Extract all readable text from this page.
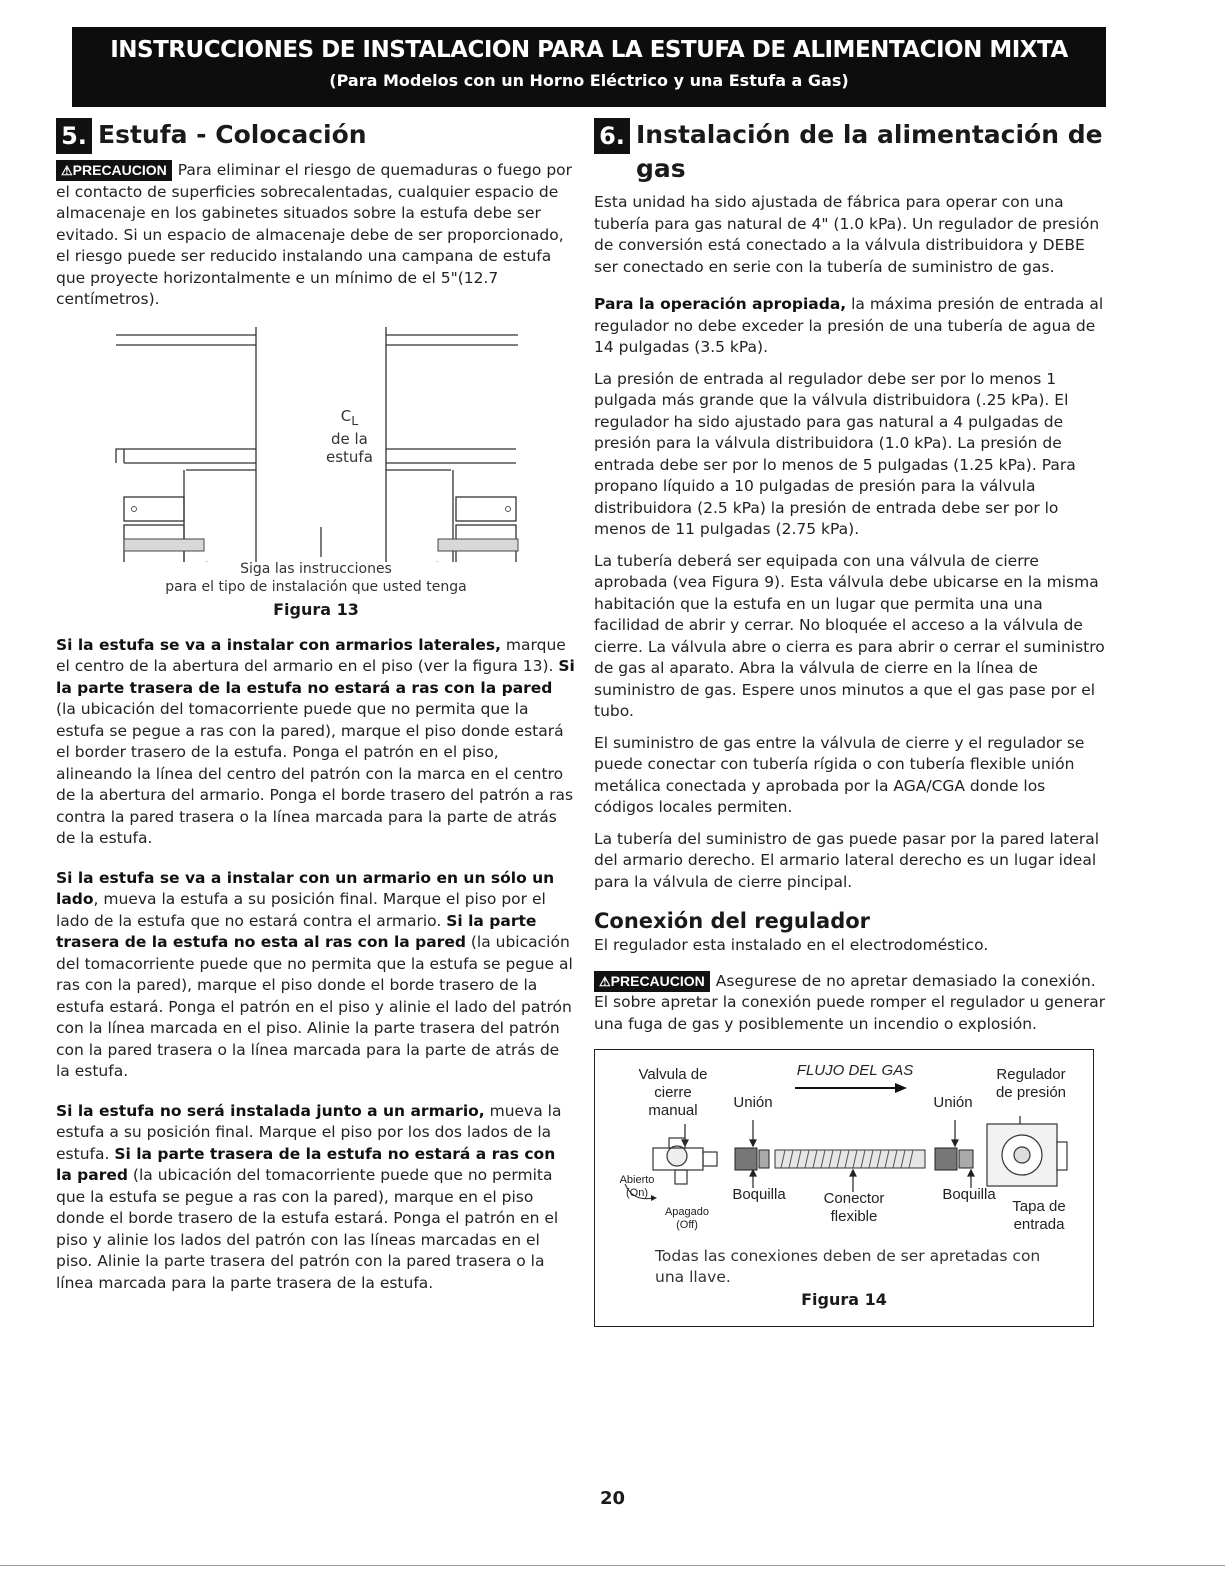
INSTRUCCIONES DE INSTALACION PARA LA ESTUFA DE ALIMENTACION MIXTA
(Para Modelos con un Horno Eléctrico y una Estufa a Gas)
5. Estufa - Colocación

⚠PRECAUCION Para eliminar el riesgo de quemaduras o fuego por el contacto de superficies sobrecalentadas, cualquier espacio de almacenaje en los gabinetes situados sobre la estufa debe ser evitado. Si un espacio de almacenaje debe de ser proporcionado, el riesgo puede ser reducido instalando una campana de estufa que proyecte horizontalmente e un mínimo de el 5"(12.7 centímetros).

$C_L$
de la
estufa
Siga las instrucciones
para el tipo de instalación que usted tenga
Figura 13

Si la estufa se va a instalar con armarios laterales, marque el centro de la abertura del armario en el piso (ver la figura 13). Si la parte trasera de la estufa no estará a ras con la pared (la ubicación del tomacorriente puede que no permita que la estufa se pegue a ras con la pared), marque el piso donde estará el border trasero de la estufa. Ponga el patrón en el piso, alineando la línea del centro del patrón con la marca en el centro de la abertura del armario. Ponga el borde trasero del patrón a ras contra la pared trasera o la línea marcada para la parte de atrás de la estufa.

Si la estufa se va a instalar con un armario en un sólo un lado, mueva la estufa a su posición final. Marque el piso por el lado de la estufa que no estará contra el armario. Si la parte trasera de la estufa no esta al ras con la pared (la ubicación del tomacorriente puede que no permita que la estufa se pegue al ras con la pared), marque el piso donde el borde trasero de la estufa estará. Ponga el patrón en el piso y alinie el lado del patrón con la línea marcada en el piso. Alinie la parte trasera del patrón con la pared trasera o la línea marcada para la parte de atrás de la estufa.

Si la estufa no será instalada junto a un armario, mueva la estufa a su posición final. Marque el piso por los dos lados de la estufa. Si la parte trasera de la estufa no estará a ras con la pared (la ubicación del tomacorriente puede que no permita que la estufa se pegue a ras con la pared), marque en el piso donde el borde trasero de la estufa estará. Ponga el patrón en el piso y alinie los lados del patrón con las líneas marcadas en el piso. Alinie la parte trasera del patrón con la pared trasera o la línea marcada para la parte trasera de la estufa.

6. Instalación de la alimentación de gas

Esta unidad ha sido ajustada de fábrica para operar con una tubería para gas natural de 4" (1.0 kPa). Un regulador de presión de conversión está conectado a la válvula distribuidora y DEBE ser conectado en serie con la tubería de suministro de gas.

Para la operación apropiada, la máxima presión de entrada al regulador no debe exceder la presión de una tubería de agua de 14 pulgadas (3.5 kPa).

La presión de entrada al regulador debe ser por lo menos 1 pulgada más grande que la válvula distribuidora (.25 kPa). El regulador ha sido ajustado para gas natural a 4 pulgadas de presión para la válvula distribuidora (1.0 kPa). La presión de entrada debe ser por lo menos de 5 pulgadas (1.25 kPa). Para propano líquido a 10 pulgadas de presión para la válvula distribuidora (2.5 kPa) la presión de entrada debe ser por lo menos de 11 pulgadas (2.75 kPa).

La tubería deberá ser equipada con una válvula de cierre aprobada (vea Figura 9). Esta válvula debe ubicarse en la misma habitación que la estufa en un lugar que permita una una facilidad de abrir y cerrar. No bloquée el acceso a la válvula de cierre. La válvula abre o cierra es para abrir o cerrar el suministro de gas al aparato. Abra la válvula de cierre en la línea de suministro de gas. Espere unos minutos a que el gas pase por el tubo.

El suministro de gas entre la válvula de cierre y el regulador se puede conectar con tubería rígida o con tubería flexible unión metálica conectada y aprobada por la AGA/CGA donde los códigos locales permiten.

La tubería del suministro de gas puede pasar por la pared lateral del armario derecho. El armario lateral derecho es un lugar ideal para la válvula de cierre pincipal.

Conexión del regulador

El regulador esta instalado en el electrodoméstico.

⚠PRECAUCION Asegurese de no apretar demasiado la conexión. El sobre apretar la conexión puede romper el regulador u generar una fuga de gas y posiblemente un incendio o explosión.

Valvula de
cierre
manual
FLUJO DEL GAS
Unión	Unión
Regulador
de presión
Abierto
(On)
Apagado
(Off)
Boquilla	Conector
flexible
Boquilla
Tapa de
entrada
Todas las conexiones deben de ser apretadas con una llave.
Figura 14
20
